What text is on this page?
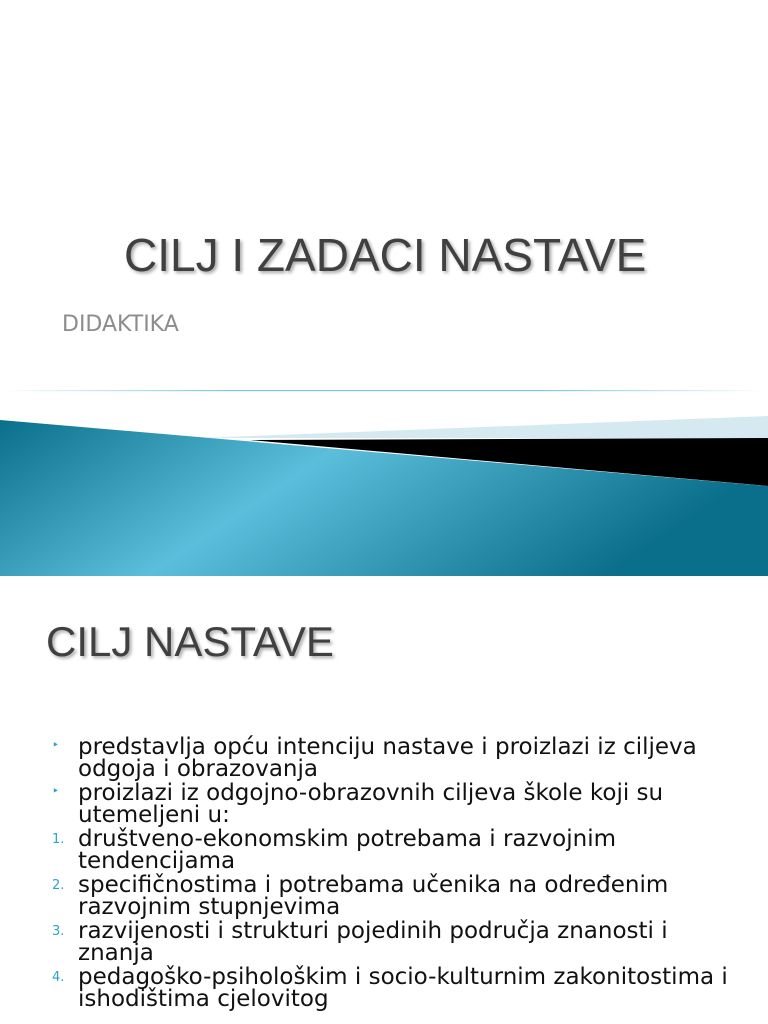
CILJ I ZADACI NASTAVE
DIDAKTIKA
CILJ NASTAVE
‣ predstavlja opću intenciju nastave i proizlazi iz ciljeva odgoja i obrazovanja
‣ proizlazi iz odgojno-obrazovnih ciljeva škole koji su utemeljeni u:
1. društveno-ekonomskim potrebama i razvojnim tendencijama
2. specifičnostima i potrebama učenika na određenim razvojnim stupnjevima
3. razvijenosti i strukturi pojedinih područja znanosti i znanja
4. pedagoško-psihološkim i socio-kulturnim zakonitostima i ishodištima cjelovitog
